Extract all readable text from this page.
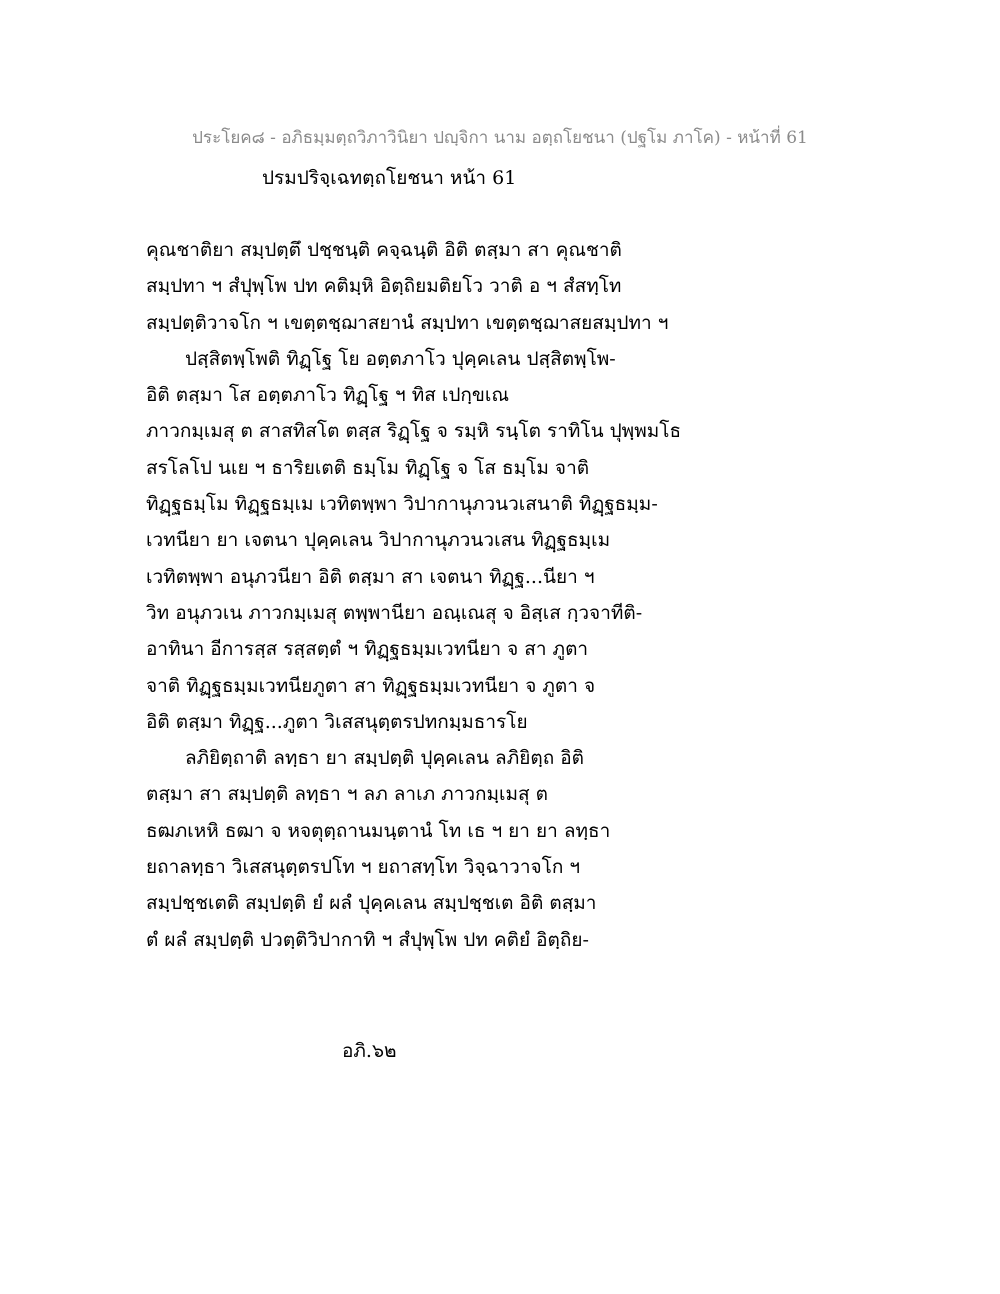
ประโยค๘ - อภิธมฺมตฺถวิภาวินิยา ปญฺจิกา นาม อตฺถโยชนา (ปฐโม ภาโค) - หน้าที่ 61
ปรมปริจฺเฉทตฺถโยชนา หน้า 61
คุณชาติยา สมฺปตฺตึ ปชฺชนฺติ คจฺฉนฺติ อิติ ตสฺมา สา คุณชาติ
สมฺปทา ฯ สํปุพฺโพ ปท คติมฺหิ อิตฺถิยมติยโว วาติ อ ฯ สํสทฺโท
สมฺปตฺติวาจโก ฯ เขตฺตชฺฌาสยานํ สมฺปทา เขตฺตชฺฌาสยสมฺปทา ฯ
ปสฺสิตพฺโพติ ทิฏฺโฐ โย อตฺตภาโว ปุคฺคเลน ปสฺสิตพฺโพ-
อิติ ตสฺมา โส อตฺตภาโว ทิฏฺโฐ ฯ ทิส เปกฺขเณ
ภาวกมฺเมสุ ต สาสทิสโต ตสฺส ริฏฺโฐ จ รมฺหิ รนฺโต ราทิโน ปุพฺพมโธ
สรโลโป นเย ฯ ธาริยเตติ ธมฺโม ทิฏฺโฐ จ โส ธมฺโม จาติ
ทิฏฺฐธมฺโม ทิฏฺฐธมฺเม เวทิตพฺพา วิปากานุภวนวเสนาติ ทิฏฺฐธมฺม-
เวทนียา ยา เจตนา ปุคฺคเลน วิปากานุภวนวเสน ทิฏฺฐธมฺเม
เวทิตพฺพา อนุภวนียา อิติ ตสฺมา สา เจตนา ทิฏฺฐ...นียา ฯ
วิท อนุภวเน ภาวกมฺเมสุ ตพฺพานียา อณฺเณสุ จ อิสฺเส กฺวจาทีติ-
อาทินา อีการสฺส รสฺสตฺตํ ฯ ทิฏฺฐธมฺมเวทนียา จ สา ภูตา
จาติ ทิฏฺฐธมฺมเวทนียภูตา สา ทิฏฺฐธมฺมเวทนียา จ ภูตา จ
อิติ ตสฺมา ทิฏฺฐ...ภูตา วิเสสนุตฺตรปทกมฺมธารโย
ลภิยิตฺถาติ ลทฺธา ยา สมฺปตฺติ ปุคฺคเลน ลภิยิตฺถ อิติ
ตสฺมา สา สมฺปตฺติ ลทฺธา ฯ ลภ ลาเภ ภาวกมฺเมสุ ต
ธฒภเหหิ ธฒา จ หจตุตฺถานมนฺตานํ โท เธ ฯ ยา ยา ลทฺธา
ยถาลทฺธา วิเสสนุตฺตรปโท ฯ ยถาสทฺโท วิจฺฉาวาจโก ฯ
สมฺปชฺชเตติ สมฺปตฺติ ยํ ผลํ ปุคฺคเลน สมฺปชฺชเต อิติ ตสฺมา
ตํ ผลํ สมฺปตฺติ ปวตฺติวิปากาทิ ฯ สํปุพฺโพ ปท คติยํ อิตฺถิย-
อภิ.๖๒
